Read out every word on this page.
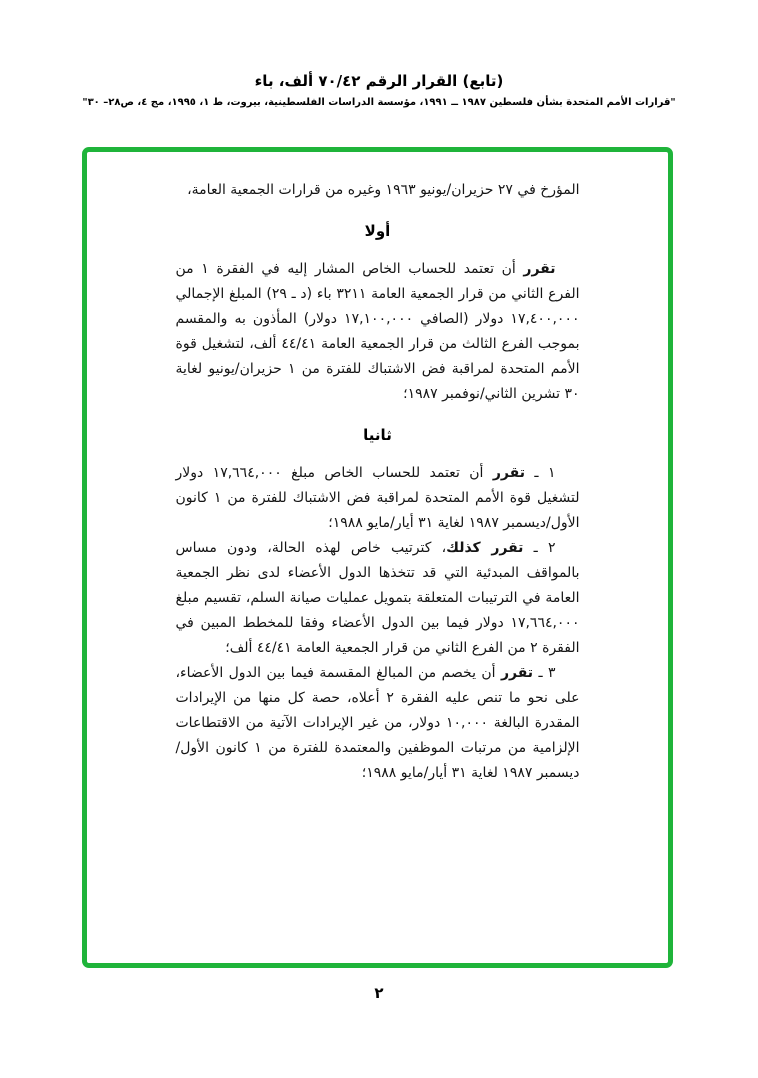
(تابع) القرار الرقم ٧٠/٤٢ ألف، باء
"قرارات الأمم المتحدة بشأن فلسطين ١٩٨٧ ــ ١٩٩١، مؤسسة الدراسات الفلسطينية، بيروت، ط ١، ١٩٩٥، مج ٤، ص٢٨– ٣٠"

المؤرخ في ٢٧ حزيران/يونيو ١٩٦٣ وغيره من قرارات الجمعية العامة،

أولا

تقرر أن تعتمد للحساب الخاص المشار إليه في الفقرة ١ من الفرع الثاني من قرار الجمعية العامة ٣٢١١ باء (د ـ ٢٩) المبلغ الإجمالي ١٧,٤٠٠,٠٠٠ دولار (الصافي ١٧,١٠٠,٠٠٠ دولار) المأذون به والمقسم بموجب الفرع الثالث من قرار الجمعية العامة ٤٤/٤١ ألف، لتشغيل قوة الأمم المتحدة لمراقبة فض الاشتباك للفترة من ١ حزيران/يونيو لغاية ٣٠ تشرين الثاني/نوفمبر ١٩٨٧؛

ثانيا

١ ـ تقرر أن تعتمد للحساب الخاص مبلغ ١٧,٦٦٤,٠٠٠ دولار لتشغيل قوة الأمم المتحدة لمراقبة فض الاشتباك للفترة من ١ كانون الأول/ديسمبر ١٩٨٧ لغاية ٣١ أيار/مايو ١٩٨٨؛

٢ ـ تقرر كذلك، كترتيب خاص لهذه الحالة، ودون مساس بالمواقف المبدئية التي قد تتخذها الدول الأعضاء لدى نظر الجمعية العامة في الترتيبات المتعلقة بتمويل عمليات صيانة السلم، تقسيم مبلغ ١٧,٦٦٤,٠٠٠ دولار فيما بين الدول الأعضاء وفقا للمخطط المبين في الفقرة ٢ من الفرع الثاني من قرار الجمعية العامة ٤٤/٤١ ألف؛

٣ ـ تقرر أن يخصم من المبالغ المقسمة فيما بين الدول الأعضاء، على نحو ما تنص عليه الفقرة ٢ أعلاه، حصة كل منها من الإيرادات المقدرة البالغة ١٠,٠٠٠ دولار، من غير الإيرادات الآتية من الاقتطاعات الإلزامية من مرتبات الموظفين والمعتمدة للفترة من ١ كانون الأول/ديسمبر ١٩٨٧ لغاية ٣١ أيار/مايو ١٩٨٨؛

٢
